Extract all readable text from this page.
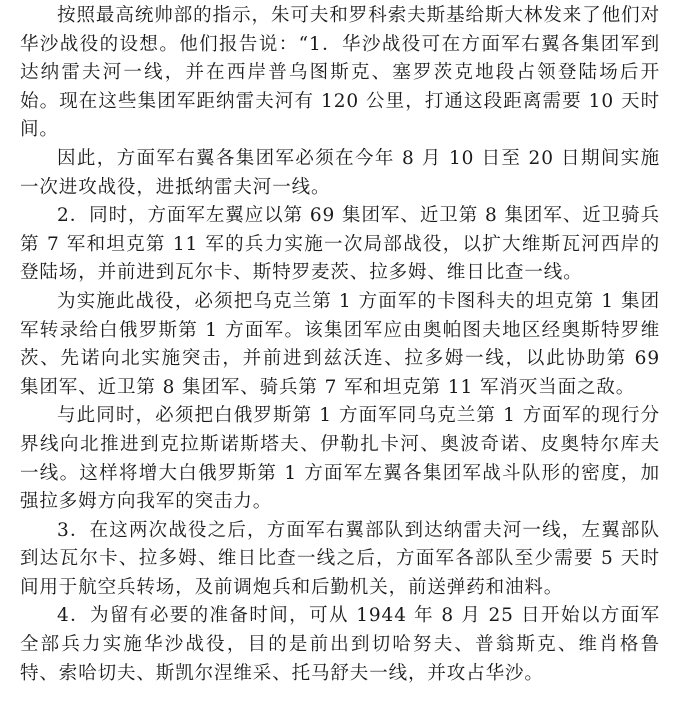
按照最高统帅部的指示，朱可夫和罗科索夫斯基给斯大林发来了他们对华沙战役的设想。他们报告说：“1．华沙战役可在方面军右翼各集团军到达纳雷夫河一线，并在西岸普乌图斯克、塞罗茨克地段占领登陆场后开始。现在这些集团军距纳雷夫河有 120 公里，打通这段距离需要 10 天时间。

因此，方面军右翼各集团军必须在今年 8 月 10 日至 20 日期间实施一次进攻战役，进抵纳雷夫河一线。

2．同时，方面军左翼应以第 69 集团军、近卫第 8 集团军、近卫骑兵第 7 军和坦克第 11 军的兵力实施一次局部战役，以扩大维斯瓦河西岸的登陆场，并前进到瓦尔卡、斯特罗麦茨、拉多姆、维日比查一线。

为实施此战役，必须把乌克兰第 1 方面军的卡图科夫的坦克第 1 集团军转录给白俄罗斯第 1 方面军。该集团军应由奥帕图夫地区经奥斯特罗维茨、先诺向北实施突击，并前进到兹沃连、拉多姆一线，以此协助第 69 集团军、近卫第 8 集团军、骑兵第 7 军和坦克第 11 军消灭当面之敌。

与此同时，必须把白俄罗斯第 1 方面军同乌克兰第 1 方面军的现行分界线向北推进到克拉斯诺斯塔夫、伊勒扎卡河、奥波奇诺、皮奥特尔库夫一线。这样将增大白俄罗斯第 1 方面军左翼各集团军战斗队形的密度，加强拉多姆方向我军的突击力。

3．在这两次战役之后，方面军右翼部队到达纳雷夫河一线，左翼部队到达瓦尔卡、拉多姆、维日比查一线之后，方面军各部队至少需要 5 天时间用于航空兵转场，及前调炮兵和后勤机关，前送弹药和油料。

4．为留有必要的准备时间，可从 1944 年 8 月 25 日开始以方面军全部兵力实施华沙战役，目的是前出到切哈努夫、普翁斯克、维肖格鲁特、索哈切夫、斯凯尔涅维采、托马舒夫一线，并攻占华沙。
